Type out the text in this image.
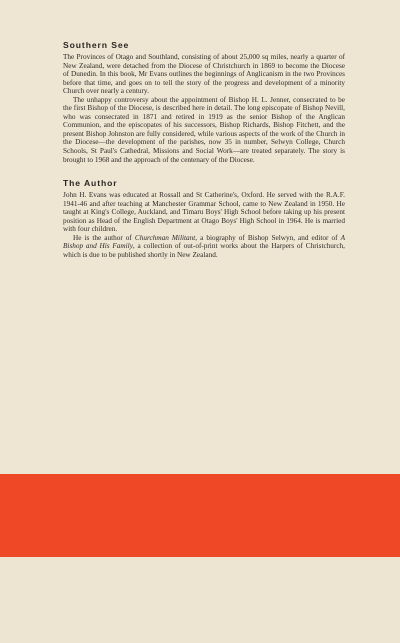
Southern See

The Provinces of Otago and Southland, consisting of about 25,000 sq miles, nearly a quarter of New Zealand, were detached from the Diocese of Christchurch in 1869 to become the Diocese of Dunedin. In this book, Mr Evans outlines the beginnings of Anglicanism in the two Provinces before that time, and goes on to tell the story of the progress and development of a minority Church over nearly a century.

The unhappy controversy about the appointment of Bishop H. L. Jenner, consecrated to be the first Bishop of the Diocese, is described here in detail. The long episcopate of Bishop Nevill, who was consecrated in 1871 and retired in 1919 as the senior Bishop of the Anglican Communion, and the episcopates of his successors, Bishop Richards, Bishop Fitchett, and the present Bishop Johnston are fully considered, while various aspects of the work of the Church in the Diocese—the development of the parishes, now 35 in number, Selwyn College, Church Schools, St Paul's Cathedral, Missions and Social Work—are treated separately. The story is brought to 1968 and the approach of the centenary of the Diocese.

The Author

John H. Evans was educated at Rossall and St Catherine's, Oxford. He served with the R.A.F. 1941-46 and after teaching at Manchester Grammar School, came to New Zealand in 1950. He taught at King's College, Auckland, and Timaru Boys' High School before taking up his present position as Head of the English Department at Otago Boys' High School in 1964. He is married with four children.

He is the author of Churchman Militant, a biography of Bishop Selwyn, and editor of A Bishop and His Family, a collection of out-of-print works about the Harpers of Christchurch, which is due to be published shortly in New Zealand.
